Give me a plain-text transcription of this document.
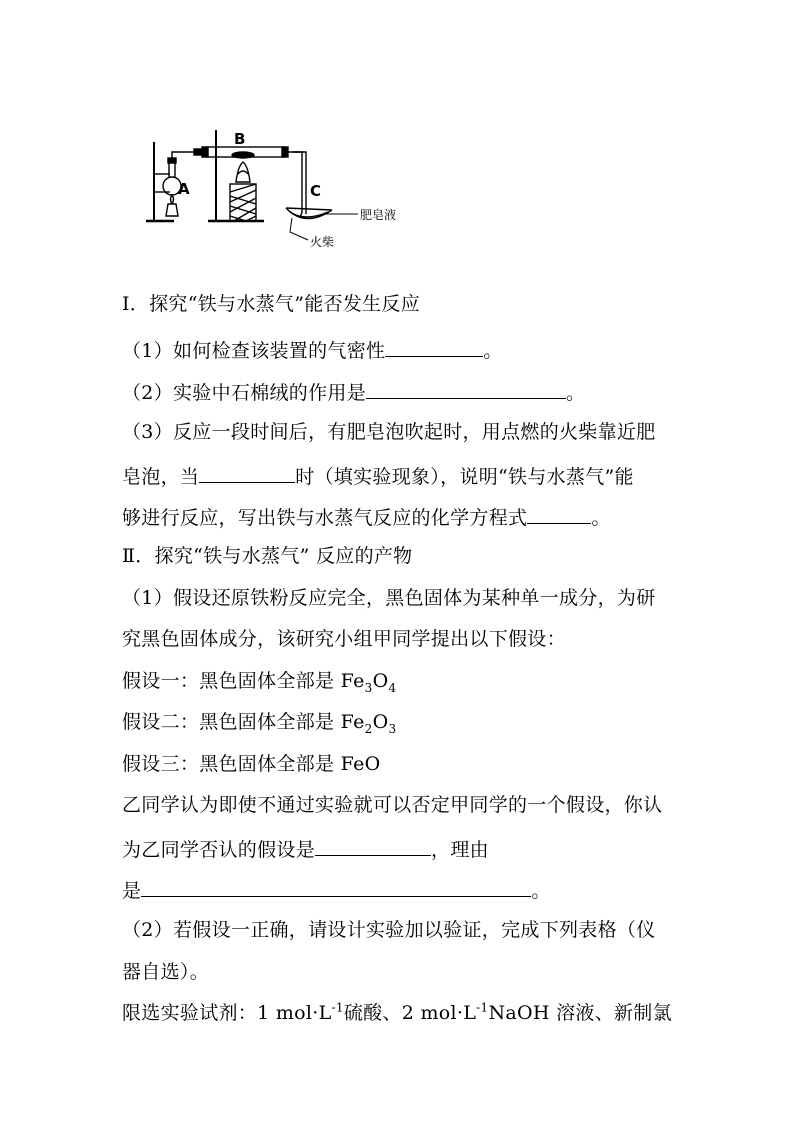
A
B
C
肥皂液
火柴
Ⅰ．探究“铁与水蒸气”能否发生反应
（1）如何检查该装置的气密性	。
（2）实验中石棉绒的作用是	。
（3）反应一段时间后，有肥皂泡吹起时，用点燃的火柴靠近肥
皂泡，当	时（填实验现象），说明“铁与水蒸气”能
够进行反应，写出铁与水蒸气反应的化学方程式	。
Ⅱ．探究“铁与水蒸气” 反应的产物
（1）假设还原铁粉反应完全，黑色固体为某种单一成分，为研
究黑色固体成分，该研究小组甲同学提出以下假设：
假设一：黑色固体全部是 $Fe_3O_4$
假设二：黑色固体全部是 $Fe_2O_3$
假设三：黑色固体全部是 FeO
乙同学认为即使不通过实验就可以否定甲同学的一个假设，你认
为乙同学否认的假设是	，理由
是	。
（2）若假设一正确，请设计实验加以验证，完成下列表格（仪
器自选）。
限选实验试剂：1 $mol\cdot L^{-1}$硫酸、2 $mol\cdot L^{-1}NaOH$ 溶液、新制氯
